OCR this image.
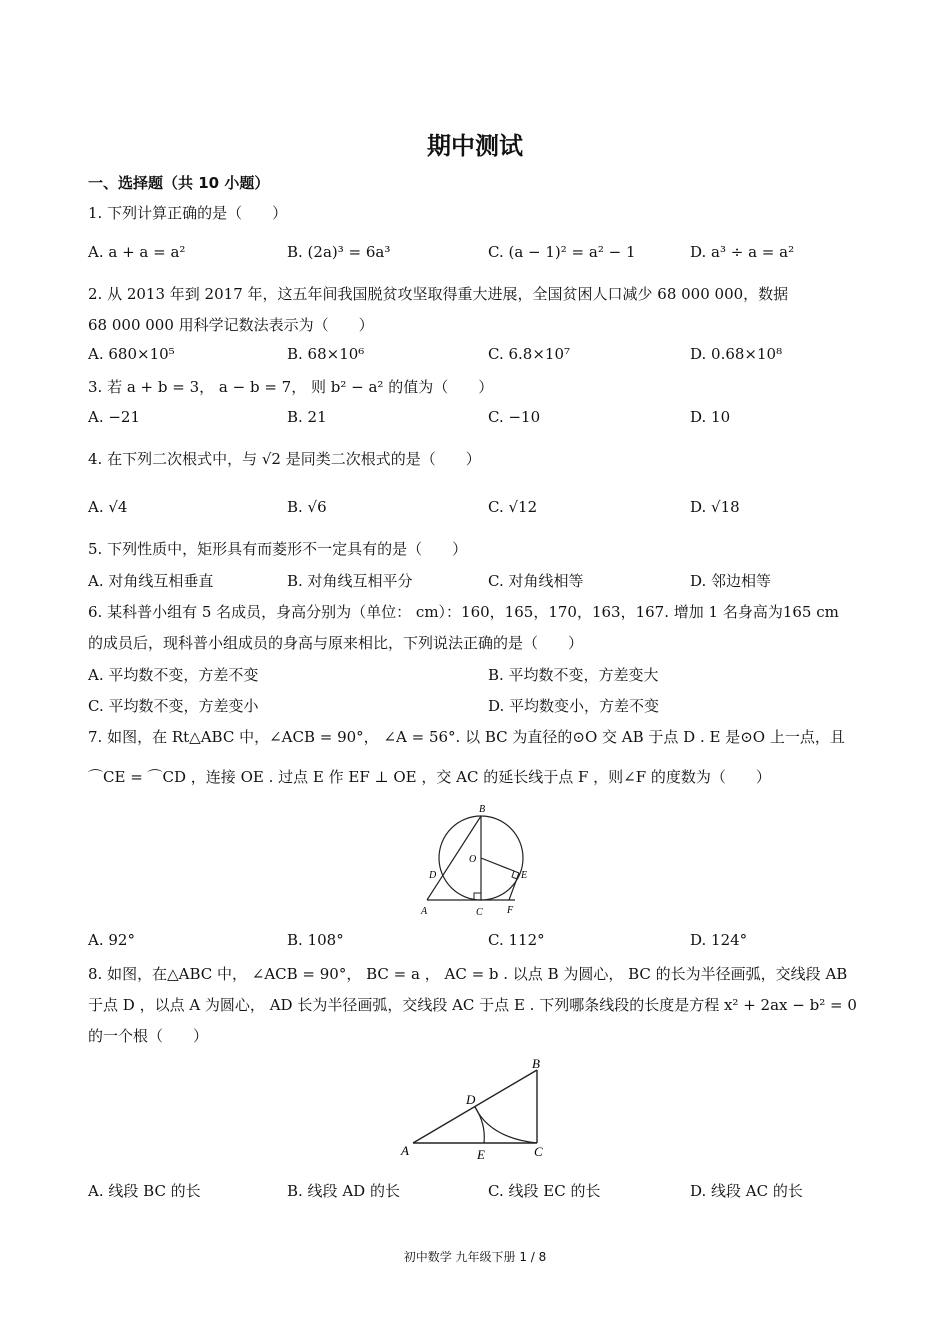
期中测试
一、选择题（共 10 小题）
1. 下列计算正确的是（　　）
A. a + a = a²	B. (2a)³ = 6a³	C. (a − 1)² = a² − 1	D. a³ ÷ a = a²
2. 从 2013 年到 2017 年，这五年间我国脱贫攻坚取得重大进展，全国贫困人口减少 68 000 000，数据
68 000 000 用科学记数法表示为（　　）
A. 680×10⁵	B. 68×10⁶	C. 6.8×10⁷	D. 0.68×10⁸
3. 若 a + b = 3， a − b = 7， 则 b² − a² 的值为（　　）
A. −21	B. 21	C. −10	D. 10
4. 在下列二次根式中，与 √2 是同类二次根式的是（　　）
A. √4	B. √6	C. √12	D. √18
5. 下列性质中，矩形具有而菱形不一定具有的是（　　）
A. 对角线互相垂直	B. 对角线互相平分	C. 对角线相等	D. 邻边相等
6. 某科普小组有 5 名成员，身高分别为（单位： cm）：160，165，170，163，167. 增加 1 名身高为165 cm
的成员后，现科普小组成员的身高与原来相比，下列说法正确的是（　　）
A. 平均数不变，方差不变	B. 平均数不变，方差变大
C. 平均数不变，方差变小	D. 平均数变小，方差不变
7. 如图，在 Rt△ABC 中，∠ACB = 90°， ∠A = 56°. 以 BC 为直径的⊙O 交 AB 于点 D . E 是⊙O 上一点，且
⌒CE = ⌒CD ，连接 OE . 过点 E 作 EF ⊥ OE ，交 AC 的延长线于点 F ，则∠F 的度数为（　　）
B
O
D	E
A	C F
A. 92°	B. 108°	C. 112°	D. 124°
8. 如图，在△ABC 中， ∠ACB = 90°， BC = a ， AC = b . 以点 B 为圆心， BC 的长为半径画弧，交线段 AB
于点 D ，以点 A 为圆心， AD 长为半径画弧，交线段 AC 于点 E . 下列哪条线段的长度是方程 x² + 2ax − b² = 0
的一个根（　　）
B
D
A	E	C
A. 线段 BC 的长	B. 线段 AD 的长	C. 线段 EC 的长	D. 线段 AC 的长
初中数学 九年级下册 1 / 8
